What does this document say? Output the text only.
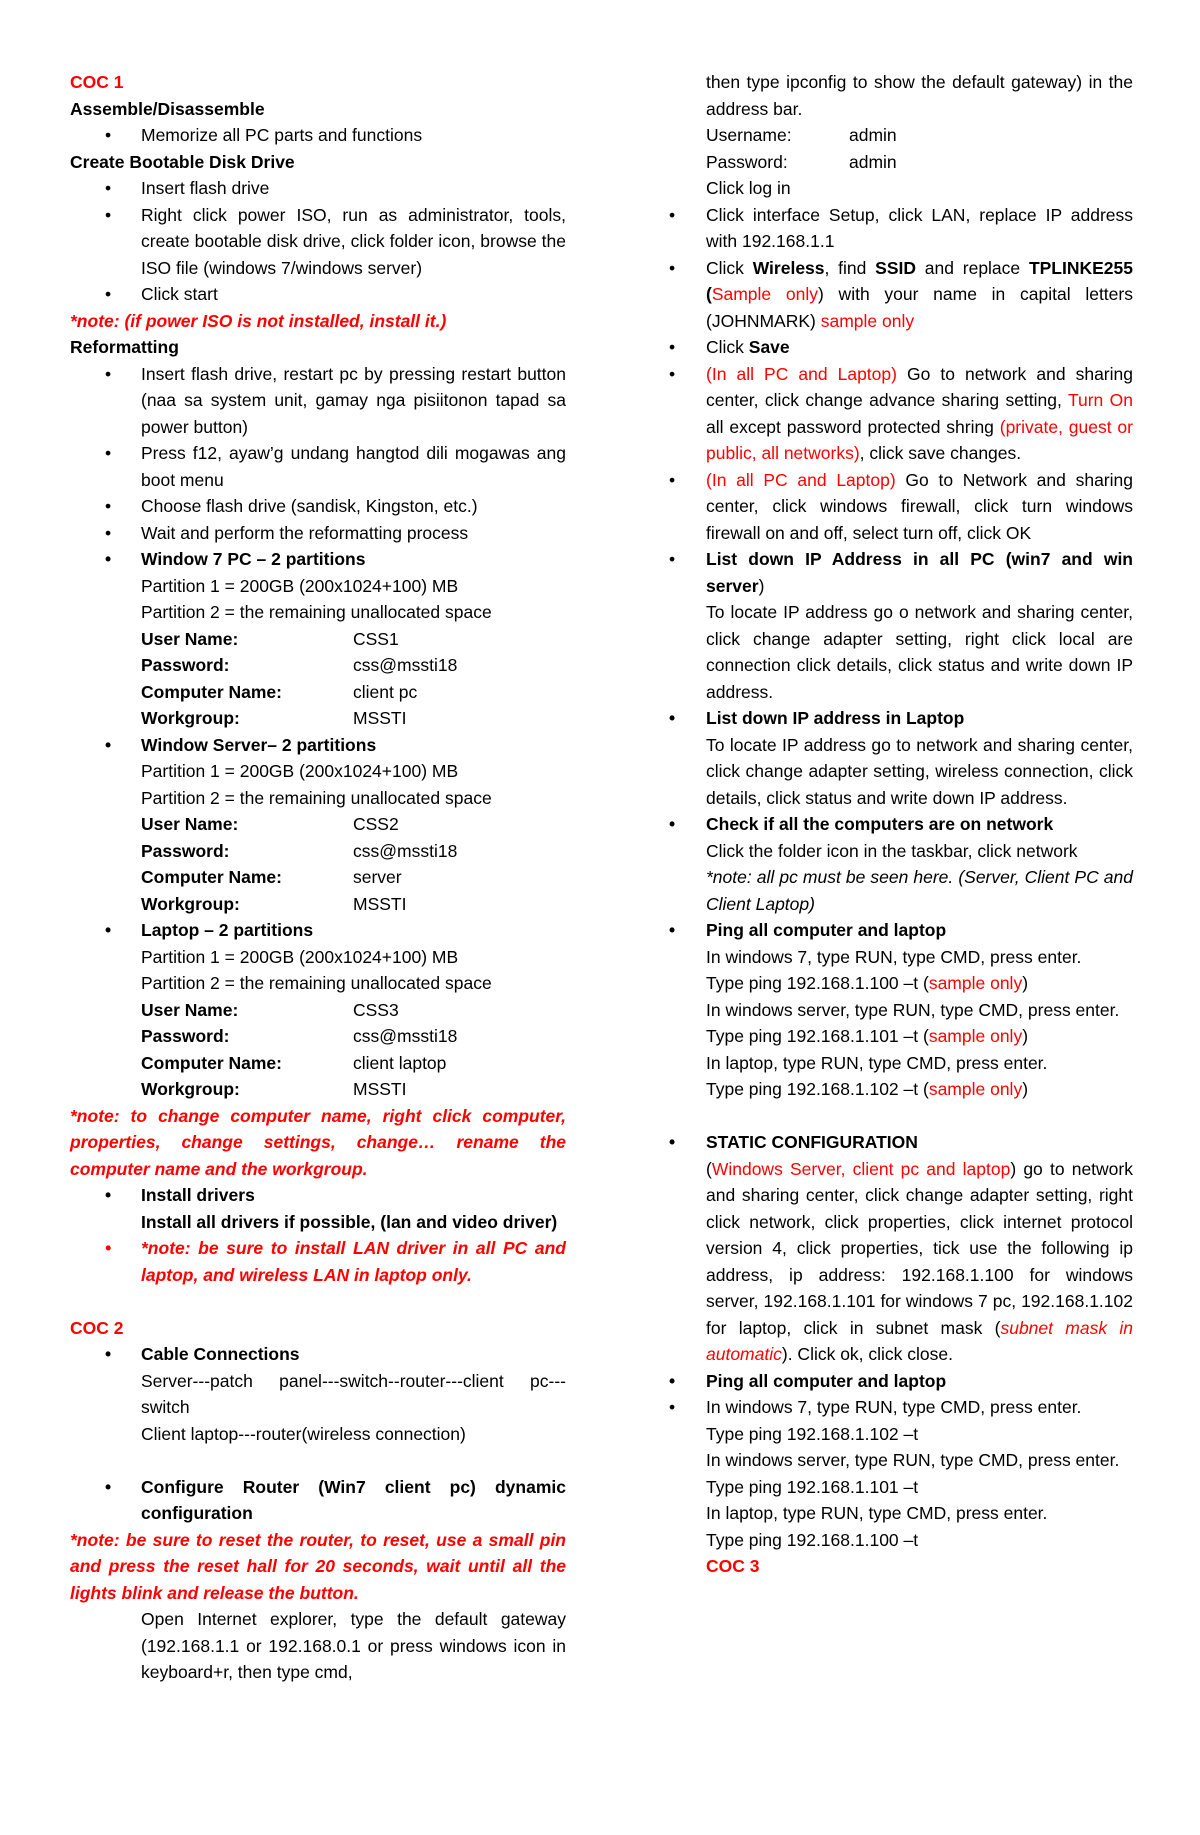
COC 1

Assemble/Disassemble

• Memorize all PC parts and functions

Create Bootable Disk Drive

• Insert flash drive

• Right click power ISO, run as administrator, tools, create bootable disk drive, click folder icon, browse the ISO file (windows 7/windows server)

• Click start

*note: (if power ISO is not installed, install it.)

Reformatting

• Insert flash drive, restart pc by pressing restart button (naa sa system unit, gamay nga pisiitonon tapad sa power button)

• Press f12, ayaw’g undang hangtod dili mogawas ang boot menu

• Choose flash drive (sandisk, Kingston, etc.)

• Wait and perform the reformatting process

• Window 7 PC – 2 partitions

Partition 1 = 200GB (200x1024+100) MB

Partition 2 = the remaining unallocated space

User Name:	CSS1
Password:	css@mssti18
Computer Name:	client pc
Workgroup:	MSSTI

• Window Server– 2 partitions

Partition 1 = 200GB (200x1024+100) MB

Partition 2 = the remaining unallocated space

User Name:	CSS2
Password:	css@mssti18
Computer Name:	server
Workgroup:	MSSTI

• Laptop – 2 partitions

Partition 1 = 200GB (200x1024+100) MB

Partition 2 = the remaining unallocated space

User Name:	CSS3
Password:	css@mssti18
Computer Name:	client laptop
Workgroup:	MSSTI

*note: to change computer name, right click computer, properties, change settings, change… rename the computer name and the workgroup.

• Install drivers

Install all drivers if possible, (lan and video driver)

• *note: be sure to install LAN driver in all PC and laptop, and wireless LAN in laptop only.

COC 2

• Cable Connections

Server---patch panel---switch--router---client pc---switch

Client laptop---router(wireless connection)

• Configure Router (Win7 client pc) dynamic configuration

*note: be sure to reset the router, to reset, use a small pin and press the reset hall for 20 seconds, wait until all the lights blink and release the button.

Open Internet explorer, type the default gateway (192.168.1.1 or 192.168.0.1 or press windows icon in keyboard+r, then type cmd,

then type ipconfig to show the default gateway) in the address bar.

Username:	admin
Password:	admin

Click log in

• Click interface Setup, click LAN, replace IP address with 192.168.1.1

• Click Wireless, find SSID and replace TPLINKE255 (Sample only) with your name in capital letters (JOHNMARK) sample only

• Click Save

• (In all PC and Laptop) Go to network and sharing center, click change advance sharing setting, Turn On all except password protected shring (private, guest or public, all networks), click save changes.

• (In all PC and Laptop) Go to Network and sharing center, click windows firewall, click turn windows firewall on and off, select turn off, click OK

• List down IP Address in all PC (win7 and win server)

To locate IP address go o network and sharing center, click change adapter setting, right click local are connection click details, click status and write down IP address.

• List down IP address in Laptop

To locate IP address go to network and sharing center, click change adapter setting, wireless connection, click details, click status and write down IP address.

• Check if all the computers are on network

Click the folder icon in the taskbar, click network

*note: all pc must be seen here. (Server, Client PC and Client Laptop)

• Ping all computer and laptop

In windows 7, type RUN, type CMD, press enter.

Type ping 192.168.1.100 –t (sample only)

In windows server, type RUN, type CMD, press enter.

Type ping 192.168.1.101 –t (sample only)

In laptop, type RUN, type CMD, press enter.

Type ping 192.168.1.102 –t (sample only)

• STATIC CONFIGURATION

(Windows Server, client pc and laptop) go to network and sharing center, click change adapter setting, right click network, click properties, click internet protocol version 4, click properties, tick use the following ip address, ip address: 192.168.1.100 for windows server, 192.168.1.101 for windows 7 pc, 192.168.1.102 for laptop, click in subnet mask (subnet mask in automatic). Click ok, click close.

• Ping all computer and laptop

• In windows 7, type RUN, type CMD, press enter.

Type ping 192.168.1.102 –t

In windows server, type RUN, type CMD, press enter.

Type ping 192.168.1.101 –t

In laptop, type RUN, type CMD, press enter.

Type ping 192.168.1.100 –t

COC 3
